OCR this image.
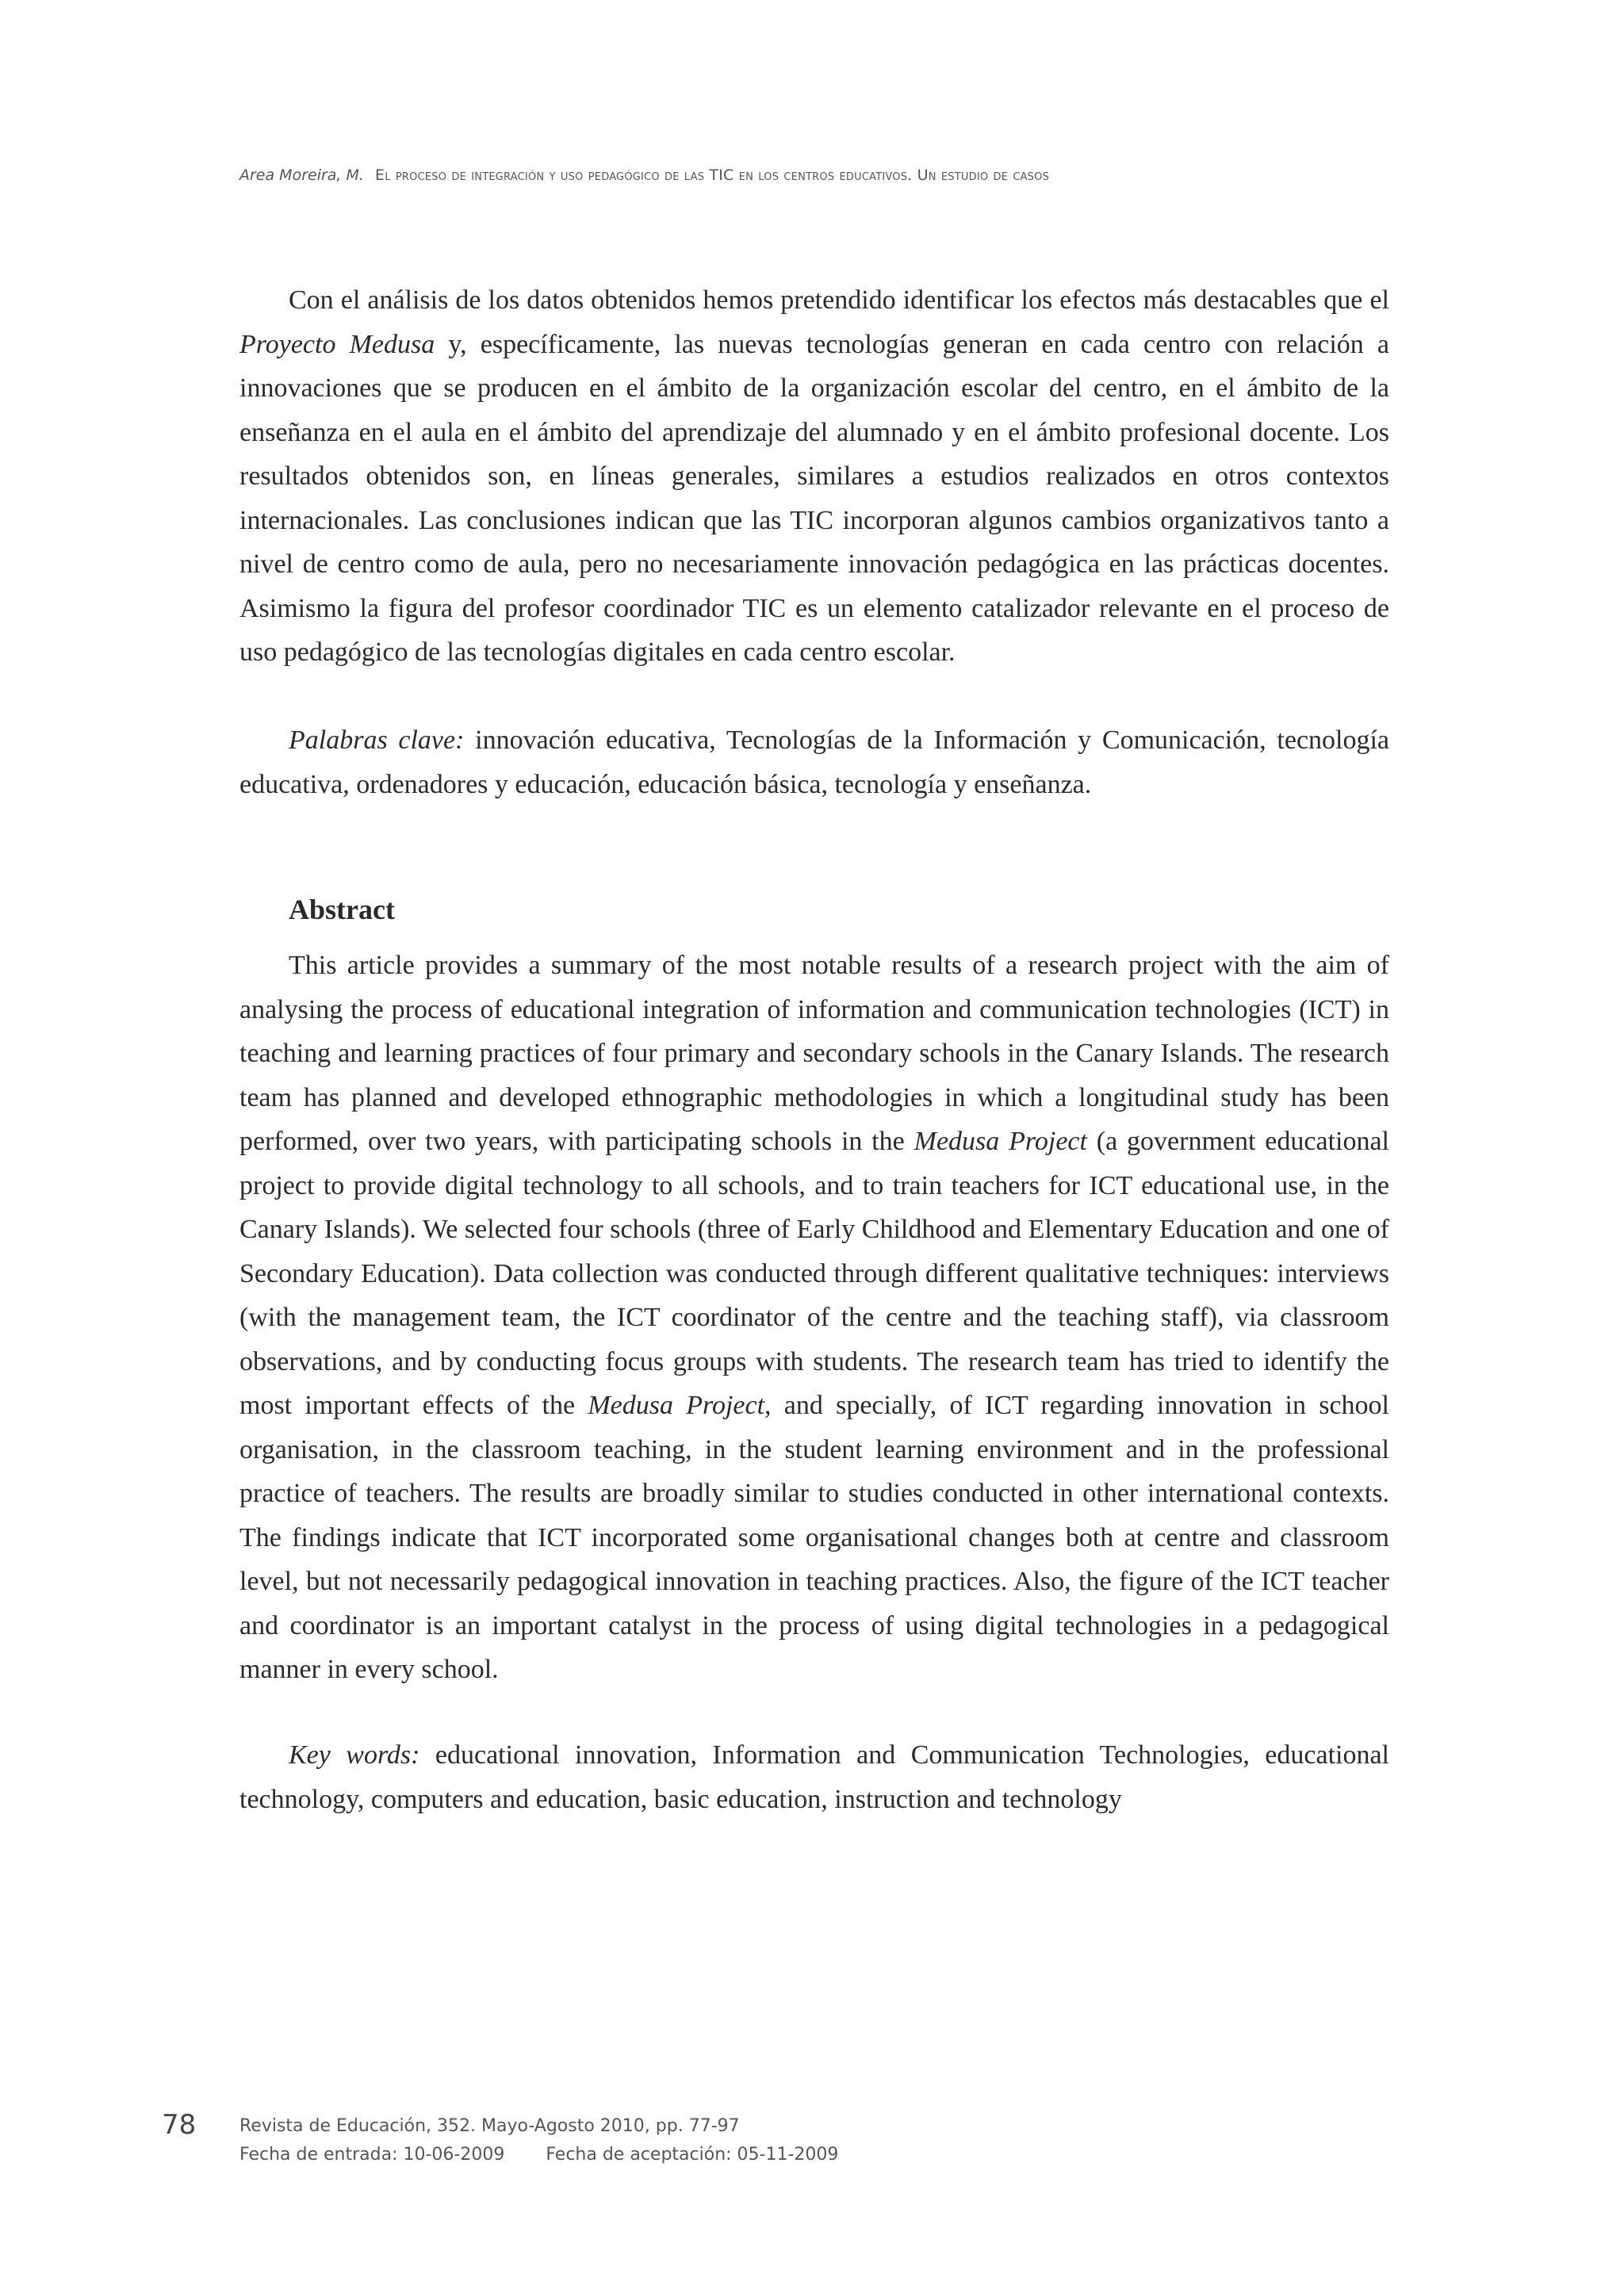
Area Moreira, M. El proceso de integración y uso pedagógico de las TIC en los centros educativos. Un estudio de casos

Con el análisis de los datos obtenidos hemos pretendido identificar los efectos más destacables que el Proyecto Medusa y, específicamente, las nuevas tecnologías generan en cada centro con relación a innovaciones que se producen en el ámbito de la organización escolar del centro, en el ámbito de la enseñanza en el aula en el ámbito del aprendizaje del alumnado y en el ámbito profesional docente. Los resultados obtenidos son, en líneas generales, similares a estudios realizados en otros contextos internacionales. Las conclusiones indican que las TIC incorporan algunos cambios organizativos tanto a nivel de centro como de aula, pero no necesariamente innovación pedagógica en las prácticas docentes. Asimismo la figura del profesor coordinador TIC es un elemento catalizador relevante en el proceso de uso pedagógico de las tecnologías digitales en cada centro escolar.

Palabras clave: innovación educativa, Tecnologías de la Información y Comunicación, tecnología educativa, ordenadores y educación, educación básica, tecnología y enseñanza.

Abstract

This article provides a summary of the most notable results of a research project with the aim of analysing the process of educational integration of information and communication technologies (ICT) in teaching and learning practices of four primary and secondary schools in the Canary Islands. The research team has planned and developed ethnographic methodologies in which a longitudinal study has been performed, over two years, with participating schools in the Medusa Project (a government educational project to provide digital technology to all schools, and to train teachers for ICT educational use, in the Canary Islands). We selected four schools (three of Early Childhood and Elementary Education and one of Secondary Education). Data collection was conducted through different qualitative techniques: interviews (with the management team, the ICT coordinator of the centre and the teaching staff), via classroom observations, and by conducting focus groups with students. The research team has tried to identify the most important effects of the Medusa Project, and specially, of ICT regarding innovation in school organisation, in the classroom teaching, in the student learning environment and in the professional practice of teachers. The results are broadly similar to studies conducted in other international contexts. The findings indicate that ICT incorporated some organisational changes both at centre and classroom level, but not necessarily pedagogical innovation in teaching practices. Also, the figure of the ICT teacher and coordinator is an important catalyst in the process of using digital technologies in a pedagogical manner in every school.

Key words: educational innovation, Information and Communication Technologies, educational technology, computers and education, basic education, instruction and technology

78 Revista de Educación, 352. Mayo-Agosto 2010, pp. 77-97
Fecha de entrada: 10-06-2009 Fecha de aceptación: 05-11-2009
